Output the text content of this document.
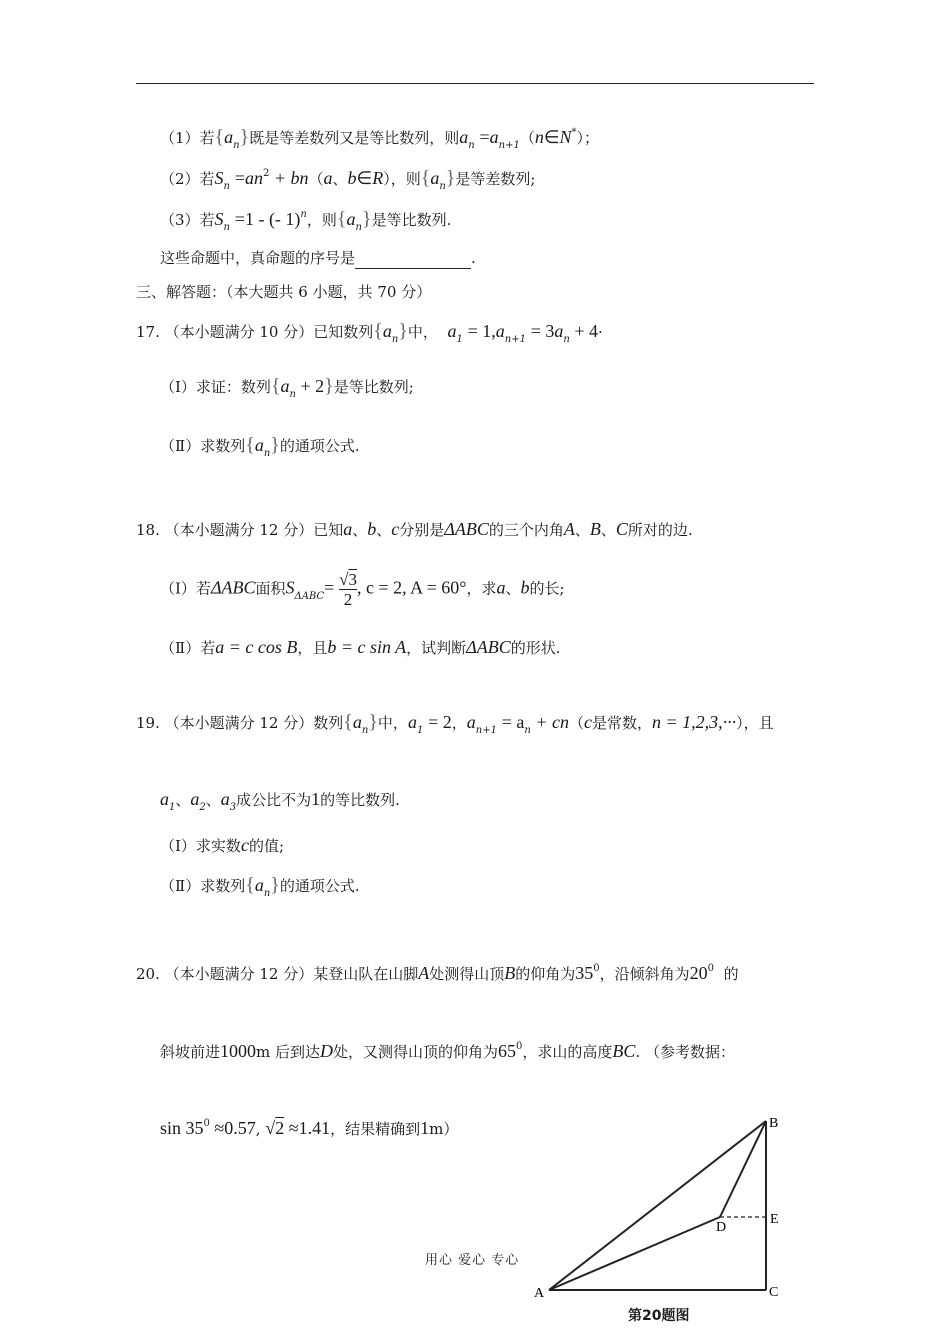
（1）若$\{a_n\}$既是等差数列又是等比数列，则$a_n$ $=a_{n+1}(n\in N^*)$；
（2）若$S_n =an^2 + bn(a$、b∈R），则$\{a_n\}$是等差数列;
（3）若$S_n =1$ - (- 1)$^n$，则$\{a_n\}$是等比数列.
这些命题中，真命题的序号是	.
三、解答题：（本大题共 6 小题，共 70 分）
17. （本小题满分 10 分）已知数列$\{a_n\}$中， $a_1 = 1,a_{n+1} = 3a_n + 4\cdot$
（Ⅰ）求证：数列$\{a_n + 2\}$是等比数列;
（Ⅱ）求数列$\{a_n\}$的通项公式.
18. （本小题满分 12 分）已知a、b、c分别是ΔABC的三个内角A、B、C所对的边.
（Ⅰ）若ΔABC面积$S_{\Delta ABC}= \frac{√3}{2}$ , c = 2, A = 60°，求a、b的长;
（Ⅱ）若a = c cos B，且b = c sin A，试判断ΔABC的形状.
19. （本小题满分 12 分）数列$\{a_n\}$中，$a_1 = 2$，$a_{n+1} = a_n + cn(c$是常数，n = 1,2,3,···），且
$a_1$、$a_2$、$a_3$成公比不为1的等比数列.
（Ⅰ）求实数c的值;
（Ⅱ）求数列$\{a_n\}$的通项公式.
20. （本小题满分 12 分）某登山队在山脚A处测得山顶B的仰角为$35^0$，沿倾斜角为$20^0$ 的
斜坡前进1000m 后到达D处，又测得山顶的仰角为$65^0$，求山的高度BC. （参考数据：
$\sin 35^0 \approx 0.57$, √2 ≈1.41，结果精确到1m）
用心 爱心 专心
A
B
C
D
E
第20题图
